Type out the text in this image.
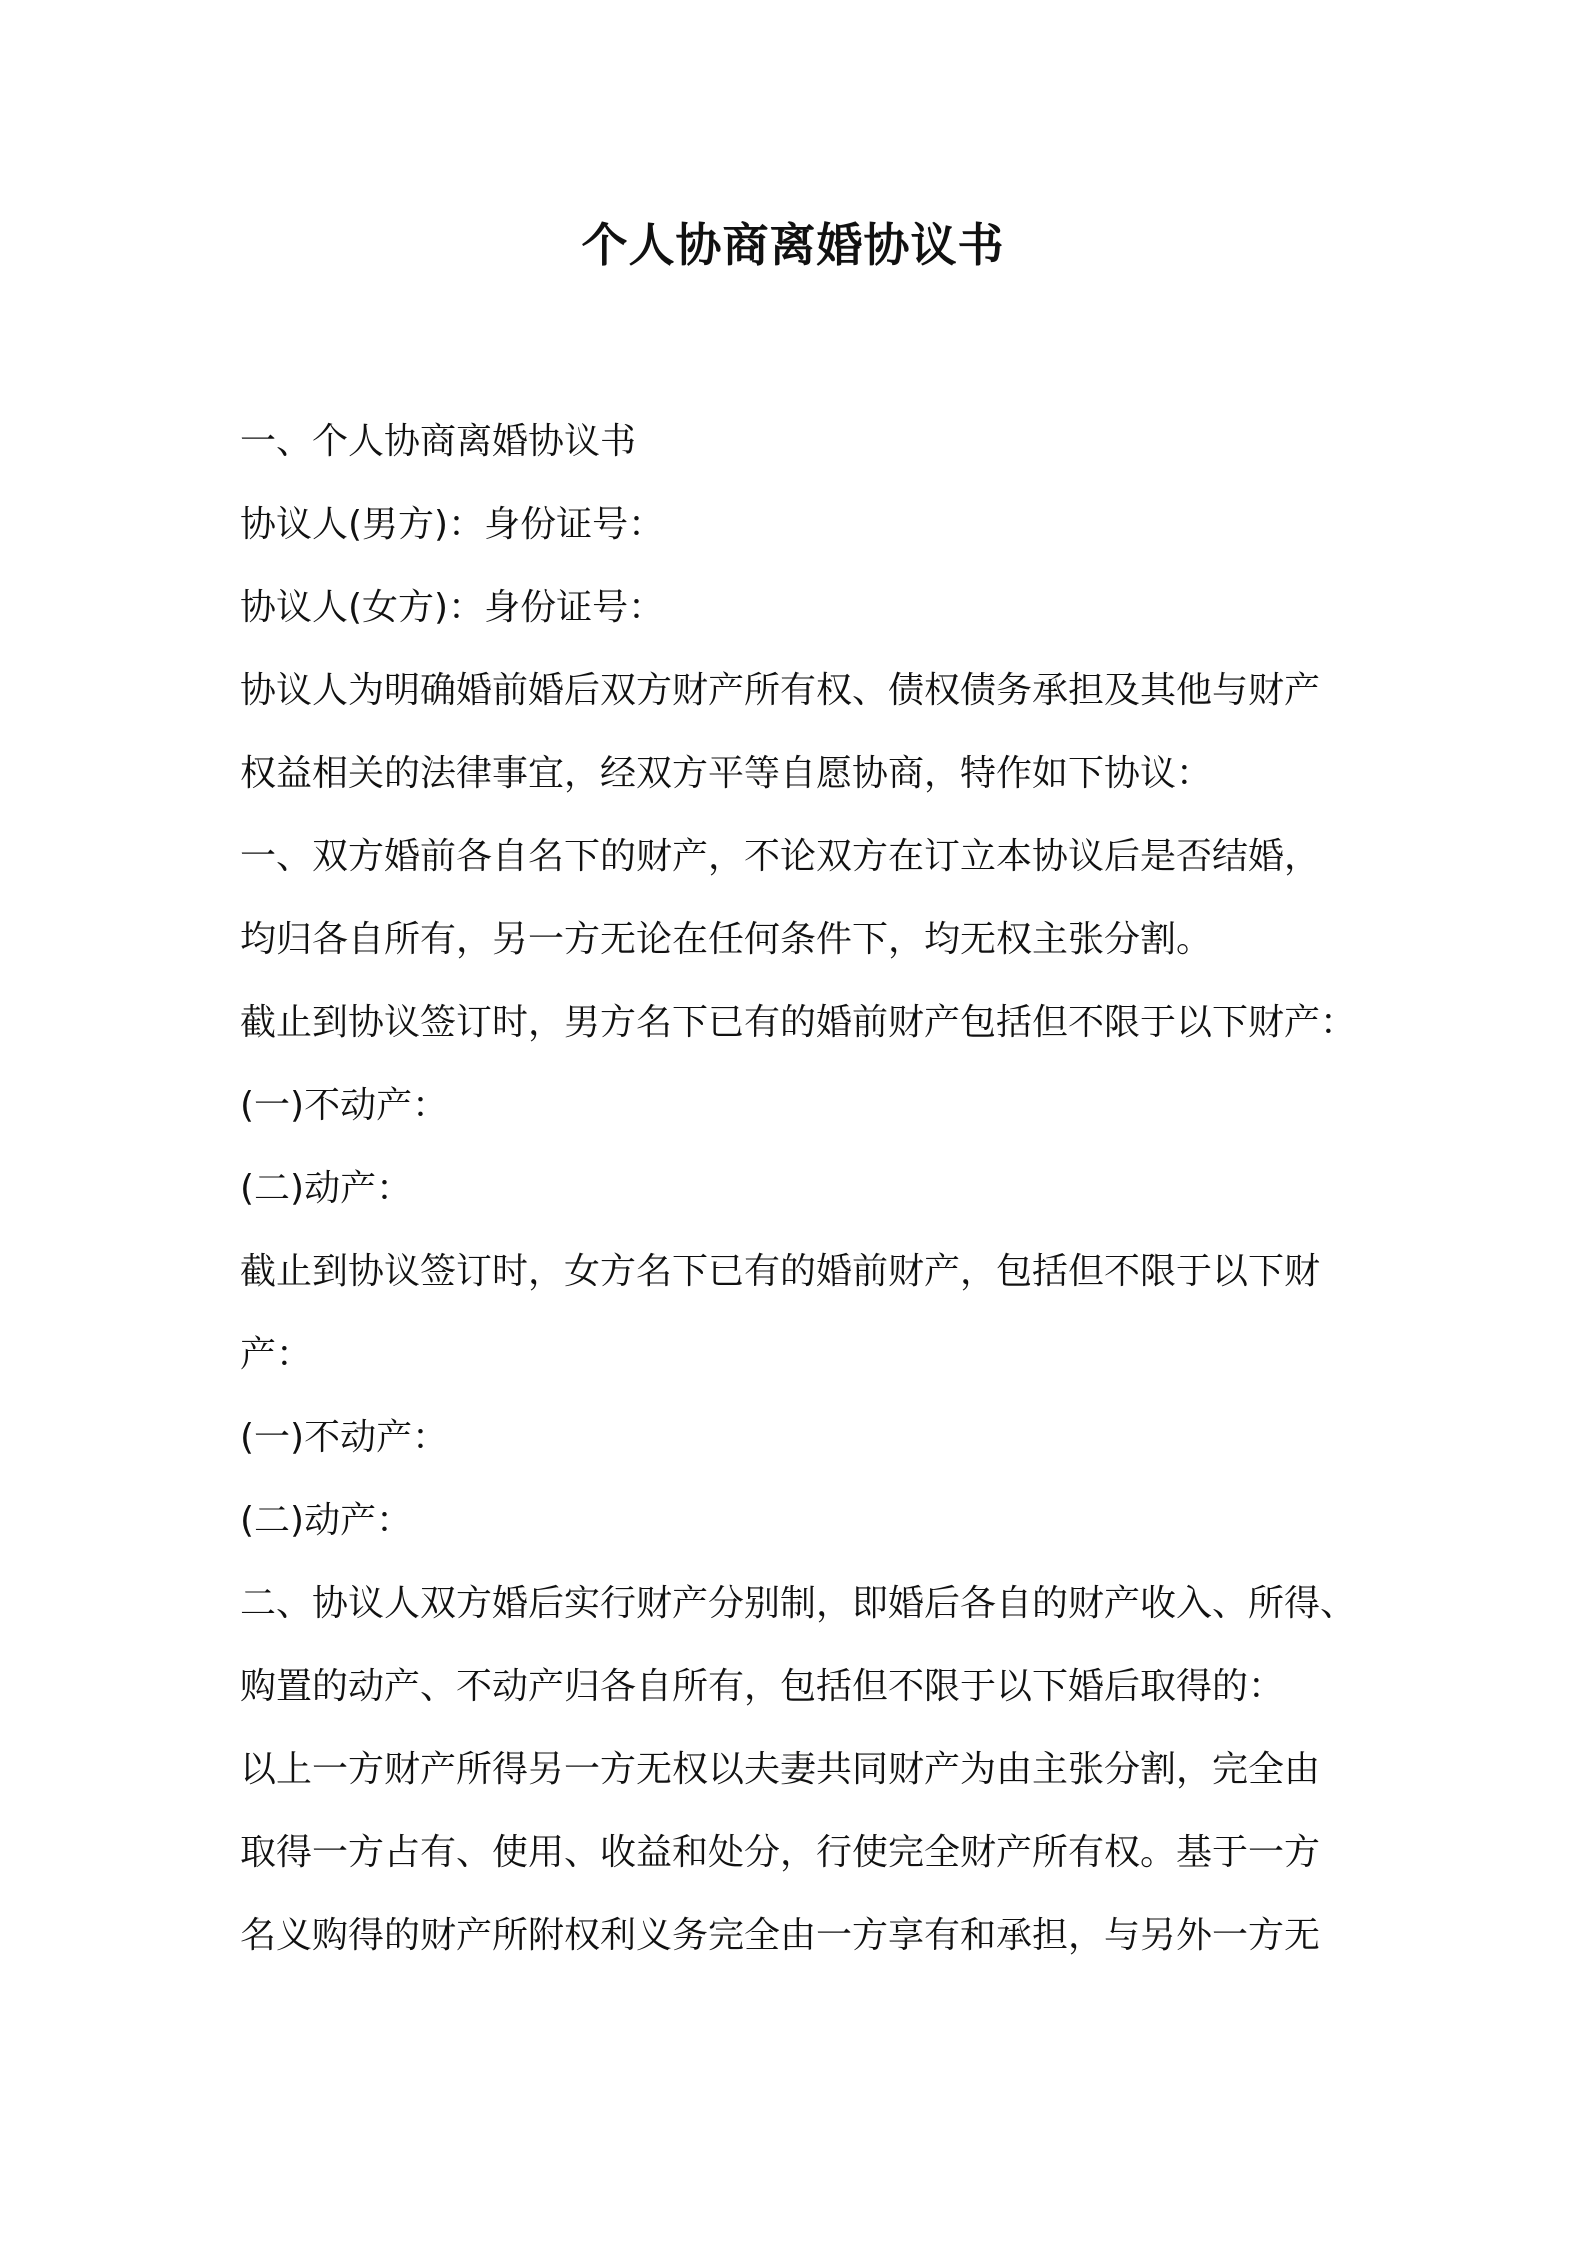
个人协商离婚协议书

一、个人协商离婚协议书

协议人(男方)：身份证号：

协议人(女方)：身份证号：

协议人为明确婚前婚后双方财产所有权、债权债务承担及其他与财产

权益相关的法律事宜，经双方平等自愿协商，特作如下协议：

一、双方婚前各自名下的财产，不论双方在订立本协议后是否结婚，

均归各自所有，另一方无论在任何条件下，均无权主张分割。

截止到协议签订时，男方名下已有的婚前财产包括但不限于以下财产：

(一)不动产：

(二)动产：

截止到协议签订时，女方名下已有的婚前财产，包括但不限于以下财

产：

(一)不动产：

(二)动产：

二、协议人双方婚后实行财产分别制，即婚后各自的财产收入、所得、

购置的动产、不动产归各自所有，包括但不限于以下婚后取得的：

以上一方财产所得另一方无权以夫妻共同财产为由主张分割，完全由

取得一方占有、使用、收益和处分，行使完全财产所有权。基于一方

名义购得的财产所附权利义务完全由一方享有和承担，与另外一方无
